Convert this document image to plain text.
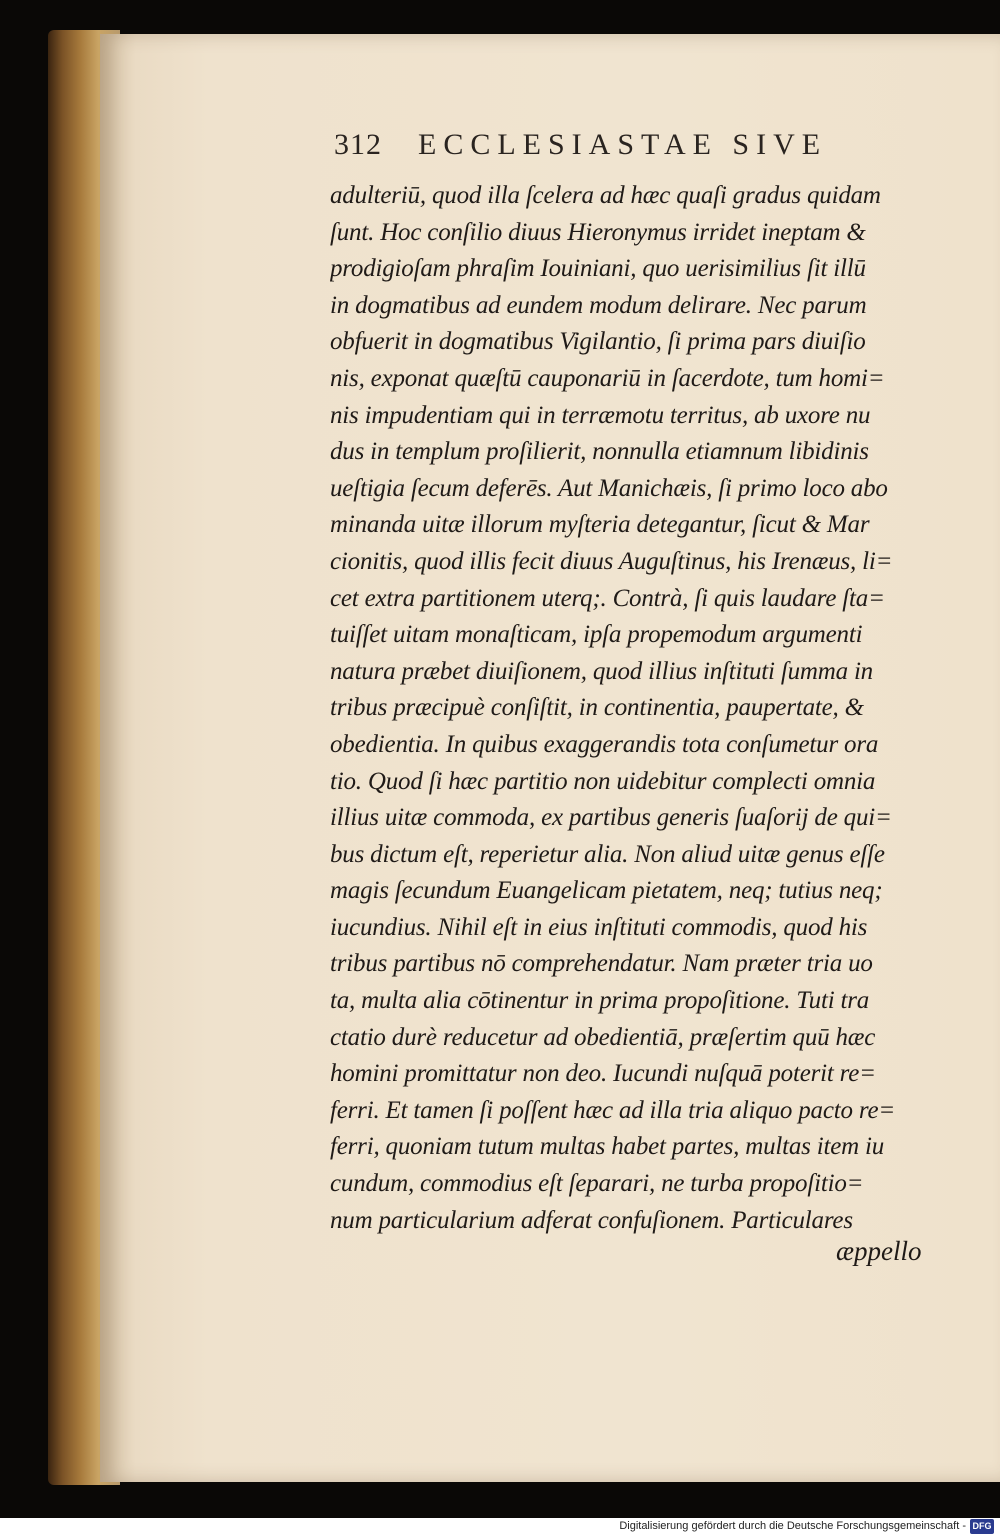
312 ECCLESIASTAE SIVE
adulteriū, quod illa ſcelera ad hæc quaſi gradus quidam
ſunt. Hoc conſilio diuus Hieronymus irridet ineptam &
prodigioſam phraſim Iouiniani, quo uerisimilius ſit illū
in dogmatibus ad eundem modum delirare. Nec parum
obfuerit in dogmatibus Vigilantio, ſi prima pars diuiſio
nis, exponat quæſtū cauponariū in ſacerdote, tum homi=
nis impudentiam qui in terræmotu territus, ab uxore nu
dus in templum proſilierit, nonnulla etiamnum libidinis
ueſtigia ſecum deferēs. Aut Manichæis, ſi primo loco abo
minanda uitæ illorum myſteria detegantur, ſicut & Mar
cionitis, quod illis fecit diuus Auguſtinus, his Irenæus, li=
cet extra partitionem uterq;. Contrà, ſi quis laudare ſta=
tuiſſet uitam monaſticam, ipſa propemodum argumenti
natura præbet diuiſionem, quod illius inſtituti ſumma in
tribus præcipuè conſiſtit, in continentia, paupertate, &
obedientia. In quibus exaggerandis tota conſumetur ora
tio. Quod ſi hæc partitio non uidebitur complecti omnia
illius uitæ commoda, ex partibus generis ſuaſorij de qui=
bus dictum eſt, reperietur alia. Non aliud uitæ genus eſſe
magis ſecundum Euangelicam pietatem, neq; tutius neq;
iucundius. Nihil eſt in eius inſtituti commodis, quod his
tribus partibus nō comprehendatur. Nam præter tria uo
ta, multa alia cōtinentur in prima propoſitione. Tuti tra
ctatio durè reducetur ad obedientiā, præſertim quū hæc
homini promittatur non deo. Iucundi nuſquā poterit re=
ferri. Et tamen ſi poſſent hæc ad illa tria aliquo pacto re=
ferri, quoniam tutum multas habet partes, multas item iu
cundum, commodius eſt ſeparari, ne turba propoſitio=
num particularium adferat confuſionem. Particulares
æppello
Digitalisierung gefördert durch die Deutsche Forschungsgemeinschaft - DFG
